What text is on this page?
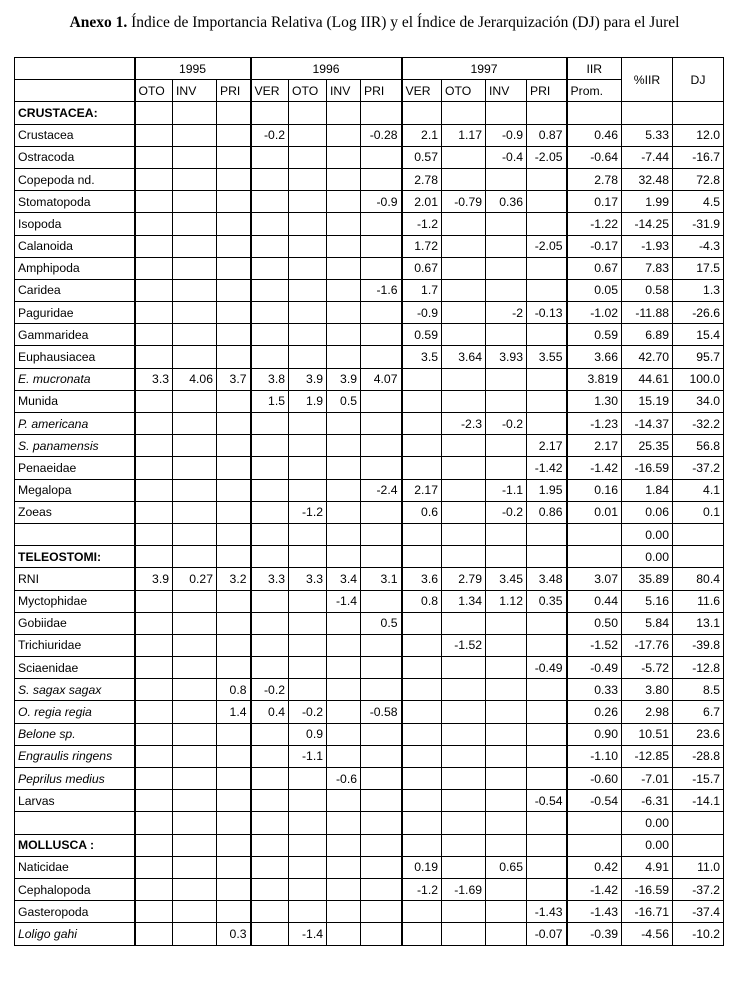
Anexo 1. Índice de Importancia Relativa (Log IIR) y el Índice de Jerarquización (DJ) para el Jurel
	1995			1996				1997				IIR	%IIR	DJ
	OTO	INV	PRI	VER	OTO	INV	PRI	VER	OTO	INV	PRI	Prom.		
CRUSTACEA:														
Crustacea				-0.2			-0.28	2.1	1.17	-0.9	0.87	0.46	5.33	12.0
Ostracoda								0.57		-0.4	-2.05	-0.64	-7.44	-16.7
Copepoda nd.								2.78				2.78	32.48	72.8
Stomatopoda							-0.9	2.01	-0.79	0.36		0.17	1.99	4.5
Isopoda								-1.2				-1.22	-14.25	-31.9
Calanoida								1.72			-2.05	-0.17	-1.93	-4.3
Amphipoda								0.67				0.67	7.83	17.5
Caridea							-1.6	1.7				0.05	0.58	1.3
Paguridae								-0.9		-2	-0.13	-1.02	-11.88	-26.6
Gammaridea								0.59				0.59	6.89	15.4
Euphausiacea								3.5	3.64	3.93	3.55	3.66	42.70	95.7
E. mucronata	3.3	4.06	3.7	3.8	3.9	3.9	4.07					3.819	44.61	100.0
Munida				1.5	1.9	0.5						1.30	15.19	34.0
P. americana									-2.3	-0.2		-1.23	-14.37	-32.2
S. panamensis											2.17	2.17	25.35	56.8
Penaeidae											-1.42	-1.42	-16.59	-37.2
Megalopa							-2.4	2.17		-1.1	1.95	0.16	1.84	4.1
Zoeas					-1.2			0.6		-0.2	0.86	0.01	0.06	0.1
													0.00	
TELEOSTOMI:													0.00	
RNI	3.9	0.27	3.2	3.3	3.3	3.4	3.1	3.6	2.79	3.45	3.48	3.07	35.89	80.4
Myctophidae						-1.4		0.8	1.34	1.12	0.35	0.44	5.16	11.6
Gobiidae							0.5					0.50	5.84	13.1
Trichiuridae									-1.52			-1.52	-17.76	-39.8
Sciaenidae											-0.49	-0.49	-5.72	-12.8
S. sagax sagax			0.8	-0.2								0.33	3.80	8.5
O. regia regia			1.4	0.4	-0.2		-0.58					0.26	2.98	6.7
Belone sp.					0.9							0.90	10.51	23.6
Engraulis ringens					-1.1							-1.10	-12.85	-28.8
Peprilus medius						-0.6						-0.60	-7.01	-15.7
Larvas											-0.54	-0.54	-6.31	-14.1
													0.00	
MOLLUSCA :													0.00	
Naticidae								0.19		0.65		0.42	4.91	11.0
Cephalopoda								-1.2	-1.69			-1.42	-16.59	-37.2
Gasteropoda											-1.43	-1.43	-16.71	-37.4
Loligo gahi			0.3		-1.4						-0.07	-0.39	-4.56	-10.2
